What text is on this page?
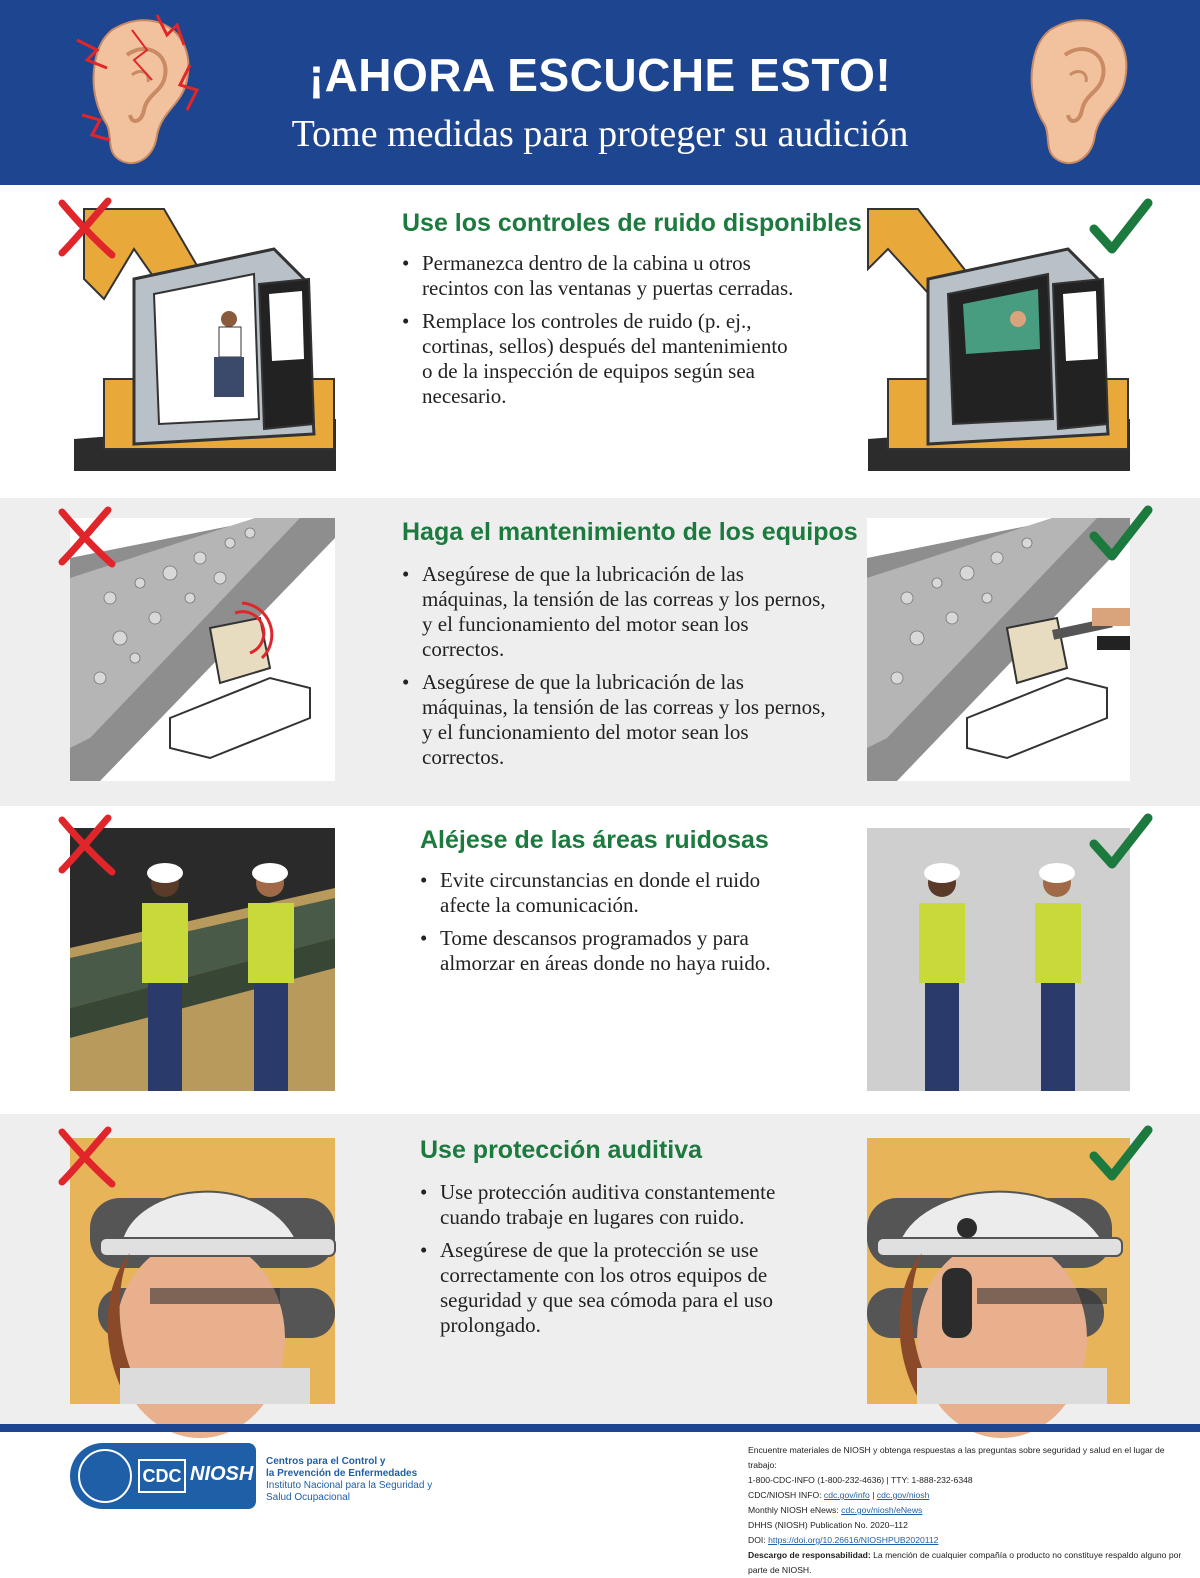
¡AHORA ESCUCHE ESTO!
Tome medidas para proteger su audición
Use los controles de ruido disponibles
• Permanezca dentro de la cabina u otros recintos con las ventanas y puertas cerradas.
• Remplace los controles de ruido (p. ej., cortinas, sellos) después del mantenimiento o de la inspección de equipos según sea necesario.
Haga el mantenimiento de los equipos
• Asegúrese de que la lubricación de las máquinas, la tensión de las correas y los pernos, y el funcionamiento del motor sean los correctos.
• Asegúrese de que la lubricación de las máquinas, la tensión de las correas y los pernos, y el funcionamiento del motor sean los correctos.
Aléjese de las áreas ruidosas
• Evite circunstancias en donde el ruido afecte la comunicación.
• Tome descansos programados y para almorzar en áreas donde no haya ruido.
Use protección auditiva
• Use protección auditiva constantemente cuando trabaje en lugares con ruido.
• Asegúrese de que la protección se use correctamente con los otros equipos de seguridad y que sea cómoda para el uso prolongado.
CDC NIOSH
Centros para el Control y
la Prevención de Enfermedades
Instituto Nacional para la Seguridad y
Salud Ocupacional
Encuentre materiales de NIOSH y obtenga respuestas a las preguntas sobre seguridad y salud en el lugar de trabajo:
1-800-CDC-INFO (1-800-232-4636) | TTY: 1-888-232-6348
CDC/NIOSH INFO: cdc.gov/info | cdc.gov/niosh
Monthly NIOSH eNews: cdc.gov/niosh/eNews
DHHS (NIOSH) Publication No. 2020–112
DOI: https://doi.org/10.26616/NIOSHPUB2020112
Descargo de responsabilidad: La mención de cualquier compañía o producto no constituye respaldo alguno por parte de NIOSH.
